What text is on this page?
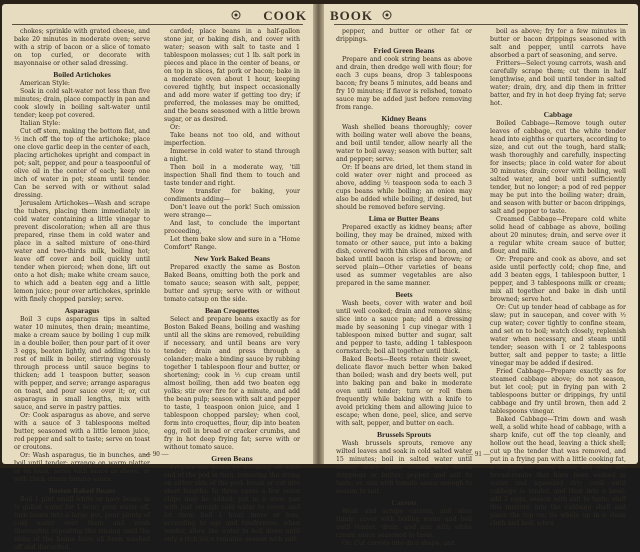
COOK

chokes; sprinkle with grated cheese, and bake 20 minutes in moderate oven; serve with a strip of bacon or a slice of tomato on top curled, or decorate with mayonnaise or other salad dressing.

Boiled Artichokes

American Style:

Soak in cold salt-water not less than five minutes; drain, place compactly in pan and cook slowly in boiling salt-water until tender; keep pot covered.

Italian Style:

Cut off stem, making the bottom flat, and ½ inch off the top of the artichoke; place one clove garlic deep in the center of each, placing artichokes upright and compact in pot; salt, pepper, and pour a teaspoonful of olive oil in the center of each; keep one inch of water in pot; steam until tender. Can be served with or without salad dressing.

Jerusalem Artichokes—Wash and scrape the tubers, placing them immediately in cold water containing a little vinegar to prevent discoloration; when all are thus prepared, rinse them in cold water and place in a salted mixture of one-third water and two-thirds milk, boiling hot; leave off cover and boil quickly until tender when pierced; when done, lift out onto a hot dish; make white cream sauce, to which add a beaten egg and a little lemon juice; pour over artichokes, sprinkle with finely chopped parsley; serve.

Asparagus

Boil 3 cups asparagus tips in salted water 10 minutes, then drain; meantime, make a cream sauce by boiling 1 cup milk in a double boiler, then pour part of it over 3 eggs, beaten lightly, and adding this to rest of milk in boiler, stirring vigorously through process until sauce begins to thicken; add 1 teaspoon butter, season with pepper, and serve; arrange asparagus on toast, and pour sauce over it; or, cut asparagus in small lengths, mix with sauce, and serve in pastry patties.

Or: Cook asparagus as above, and serve with a sauce of 3 tablespoons melted butter, seasoned with a little lemon juice, red pepper and salt to taste; serve on toast or croutons.

Or: Wash asparagus, tie in bunches, and boil until tender; arrange on warm platter or on toast; serve with sauce as above, or with thick cream tomato sauce.

Boston Baked Beans

Boil 1 pint small white or navy beans in ½ gallon water for 1 hour; pour water off, turn beans into a large pot, pour plenty of cold water over them and wash thoroughly, repeating this rinsing until the skins of the beans have all been washed off and discarded.

carded; place beans in a half-gallon stone jar, or baking dish, and cover with water; season with salt to taste and 1 tablespoon molasses; cut 1 lb. salt pork in pieces and place in the center of beans, or on top in slices, fat pork or bacon; bake in a moderate oven about 1 hour, keeping covered tightly, but inspect occasionally and add more water if getting too dry; if preferred, the molasses may be omitted, and the beans seasoned with a little brown sugar, or as desired.

Or:

Take beans not too old, and without imperfection.

Immerse in cold water to stand through a night.

Then boil in a moderate way, 'till inspection Shall find them to touch and taste tender and right.

Now transfer for baking, your condiments adding—

Don't leave out the pork! Such omission were strange—

And last, to conclude the important proceeding,

Let them bake slow and sure in a "Home Comfort" Range.

New York Baked Beans

Prepared exactly the same as Boston Baked Beans, omitting both the pork and tomato sauce; season with salt, pepper, butter and syrup; serve with or without tomato catsup on the side.

Bean Croquettes

Select and prepare beans exactly as for Boston Baked Beans, boiling and washing until all the skins are removed, rebuilding if necessary, and until beans are very tender; drain and press through a colander; make a binding sauce by rubbing together 1 tablespoon flour and butter, or shortening; cook in ½ cup cream until almost boiling, then add two beaten egg yolks; stir over fire for a minute, and add the bean pulp; season with salt and pepper to taste, 1 teaspoon onion juice, and 1 tablespoon chopped parsley; when cool, form into croquettes, flour, dip into beaten egg, roll in bread or cracker crumbs, and fry in hot deep frying fat; serve with or without tomato sauce.

Green Beans

Prepare the beans by breaking off each end of the pod in turn, removing the string on either side of the pod; break or cut into short lengths. In three cases a few onion chips may be added; put in a stew pan with just enough cold water to cover, and let them boil 1 hour, more or less, according to age and tenderness; when tender, allow the water to boil down until only a rich juice remains; season with salt,

— 90 —
BOOK

pepper, and butter or other fat or drippings.

Fried Green Beans

Prepare and cook string beans as above and drain, then dredge well with flour; for each 3 cups beans, drop 3 tablespoons bacon; fry beans 5 minutes, add beans and fry 10 minutes; if flavor is relished, tomato sauce may be added just before removing from range.

Kidney Beans

Wash shelled beans thoroughly; cover with boiling water well above the beans, and boil until tender, allow nearly all the water to boil away; season with butter, salt and pepper; serve.

Or: If beans are dried, let them stand in cold water over night and proceed as above, adding ½ teaspoon soda to each 3 cups beans while boiling; an onion may also be added while boiling, if desired, but should be removed before serving.

Lima or Butter Beans

Prepared exactly as kidney beans; after boiling, they may be drained, mixed with tomato or other sauce, put into a baking dish, covered with thin slices of bacon, and baked until bacon is crisp and brown; or served plain—Other varieties of beans used as summer vegetables are also prepared in the same manner.

Beets

Wash beets, cover with water and boil until well cooked; drain and remove skins; slice into a sauce pan; add a dressing made by seasoning 1 cup vinegar with 1 tablespoon mixed butter and sugar, salt and pepper to taste, adding 1 tablespoon cornstarch; boil all together until thick.

Baked Beets—Beets retain their sweet, delicate flavor much better when baked than boiled; wash and dry beets well, put into baking pan and bake in moderate oven until tender; turn or roll them frequently while baking with a knife to avoid pricking them and allowing juice to escape; when done, peel, slice, and serve with salt, pepper, and butter on each.

Brussels Sprouts

Wash brussels sprouts, remove any wilted leaves and soak in cold salted water 15 minutes; boil in salted water until tender, drain again; season with bacon drippings or butter, pepper and salt to taste; or, mix with tomato sauce enough to season to suit.

Carrots

Wash and scrape carrots, and slice thinly; cover with boiling water and boil until tender, drain, and mix with white cream sauce seasoned to taste.

Or: Cut carrots into dice shape, and

boil as above; fry for a few minutes in butter or bacon drippings seasoned with salt and pepper, until carrots have absorbed a part of seasoning, and serve.

Fritters—Select young carrots, wash and carefully scrape them; cut them in half lengthwise, and boil until tender in salted water; drain, dry, and dip them in fritter batter, and fry in hot deep frying fat; serve hot.

Cabbage

Boiled Cabbage—Remove tough outer leaves of cabbage, cut the white tender head into eighths or quarters, according to size, and cut out the tough, hard stalk; wash thoroughly and carefully, inspecting for insects; place in cold water for about 30 minutes; drain; cover with boiling, well salted water, and boil until sufficiently tender, but no longer; a pod of red pepper may be put into the boiling water; drain, and season with butter or bacon drippings, salt and pepper to taste.

Creamed Cabbage—Prepare cold white solid head of cabbage as above, boiling about 20 minutes; drain, and serve over it a regular white cream sauce of butter, flour, and milk.

Or: Prepare and cook as above, and set aside until perfectly cold; chop fine, and add 3 beaten eggs, 1 tablespoon butter, 1 pepper, and 3 tablespoons milk or cream; mix all together and bake in dish until browned; serve hot.

Or: Cut up tender head of cabbage as for slaw; put in saucepan, and cover with ½ cup water; cover tightly to confine steam, and set on to boil; watch closely, replenish water when necessary, and steam until tender; season with 1 or 2 tablespoons butter, salt and pepper to taste; a little vinegar may be added if desired.

Fried Cabbage—Prepare exactly as for steamed cabbage above; do not season, but let cool; put in frying pan with 2 tablespoons butter or drippings, fry until cabbage and fry until brown, then add 2 tablespoons vinegar.

Baked Cabbage—Trim down and wash well, a solid white head of cabbage, with a sharp knife, cut off the top cleanly, and hollow out the head, leaving a thick shell; cut up the tender that was removed, and put in a frying pan with a little cooking fat, a chopped or sliced onion, and some dry breadcrumbs that have been soaked in water and squeezed dry; cook until cabbage is tender, and then into a bowl; add 2 eggs, season with salt to taste; stuff this mixture into the cabbage shell and place the top on; tie whole up in a clean cloth and boil; when

— 91 —
